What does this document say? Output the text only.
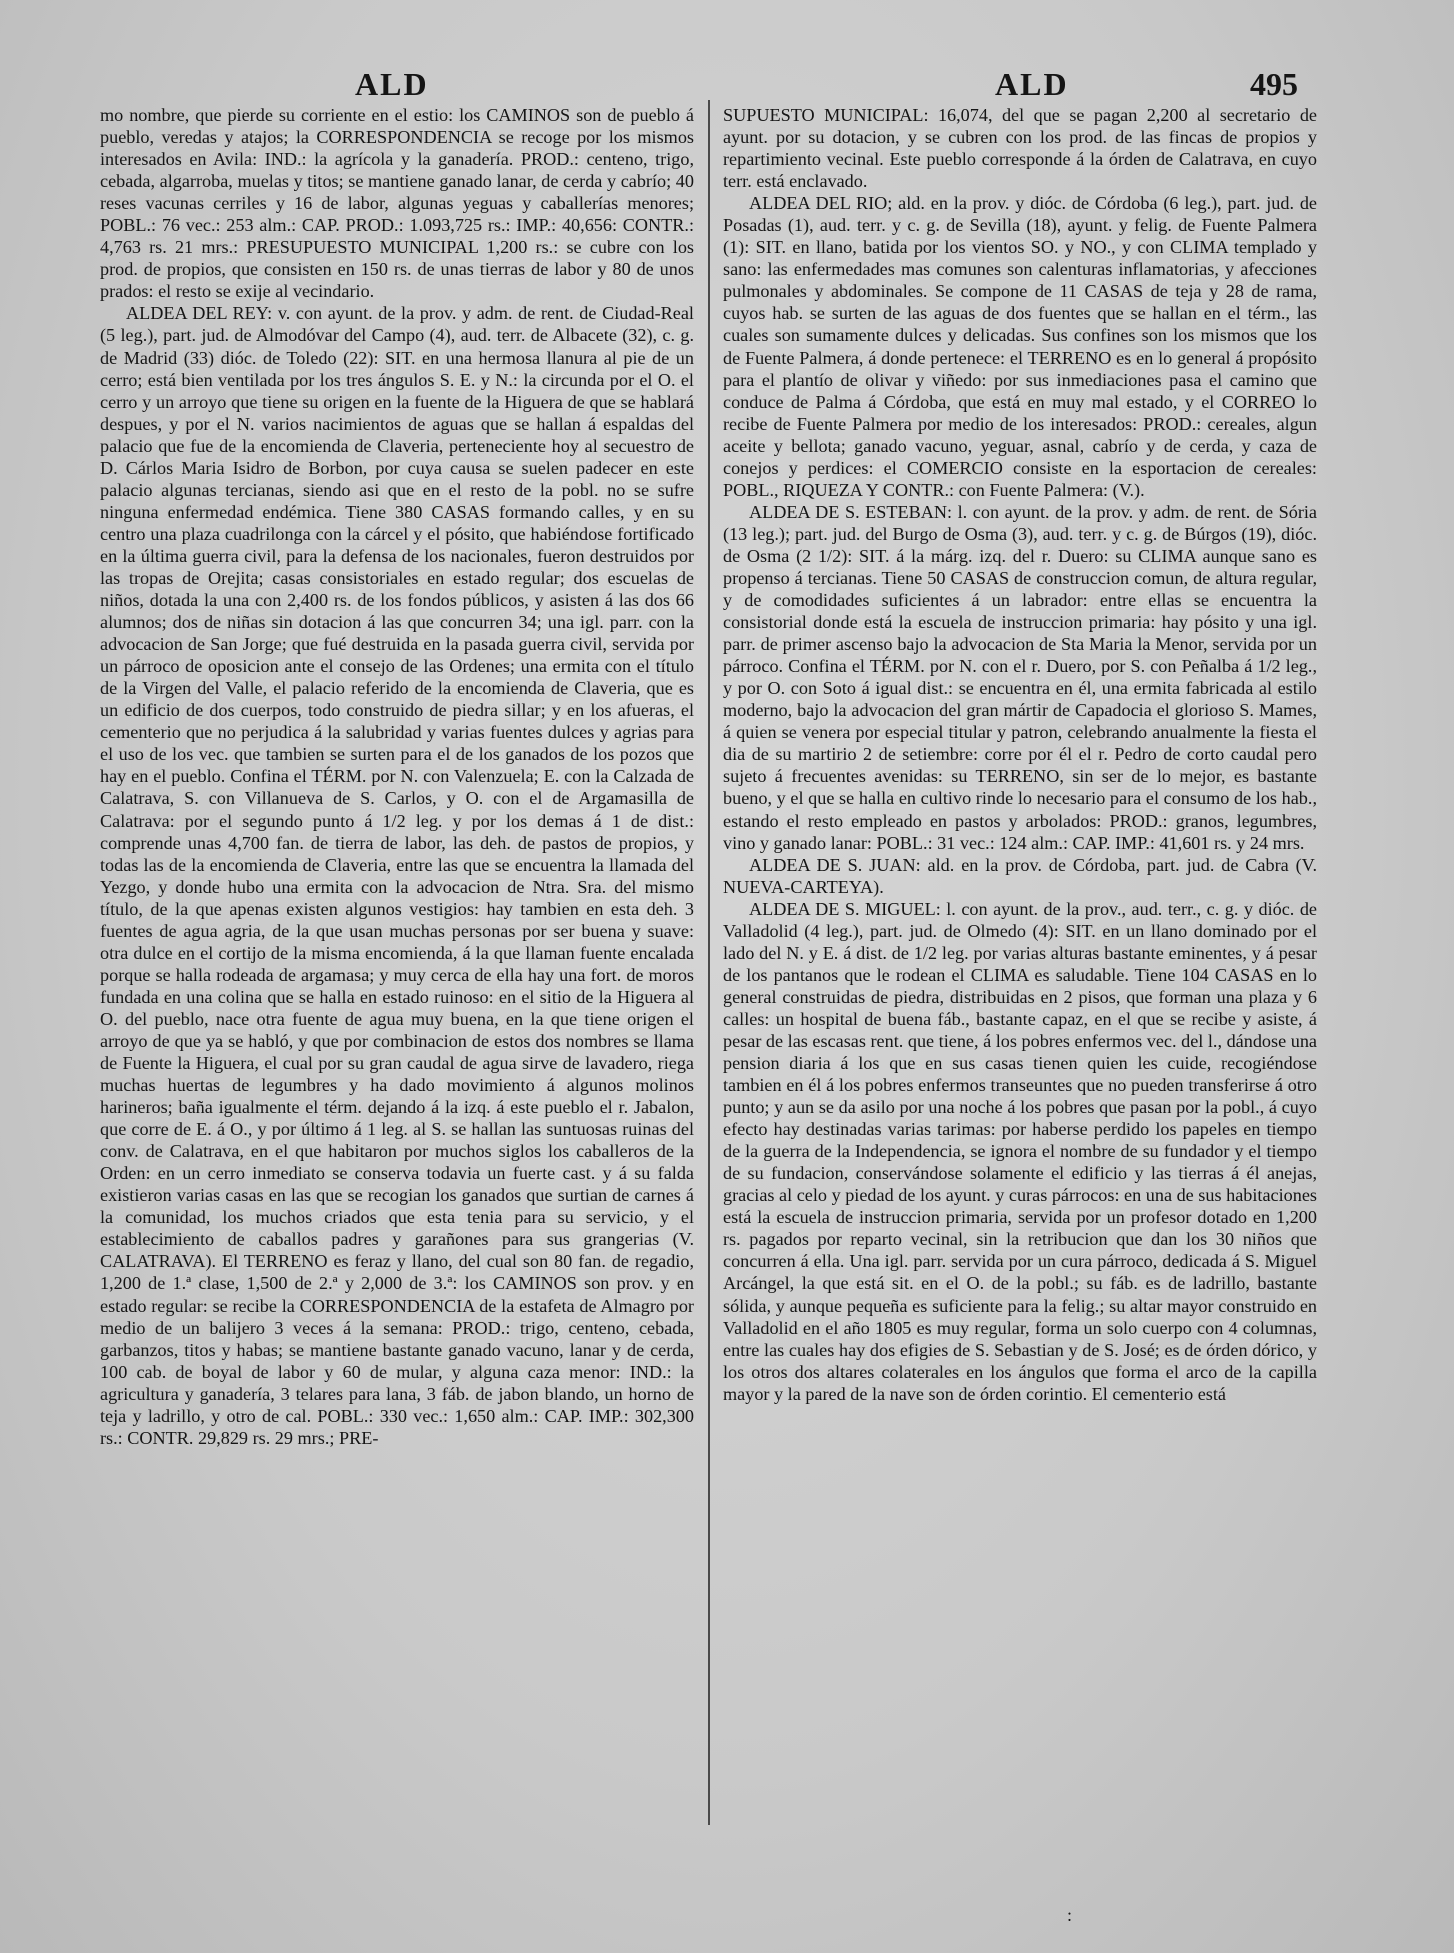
ALD	ALD	495

mo nombre, que pierde su corriente en el estio: los CAMINOS son de pueblo á pueblo, veredas y atajos; la CORRESPONDENCIA se recoge por los mismos interesados en Avila: IND.: la agrícola y la ganadería. PROD.: centeno, trigo, cebada, algarroba, muelas y titos; se mantiene ganado lanar, de cerda y cabrío; 40 reses vacunas cerriles y 16 de labor, algunas yeguas y caballerías menores; POBL.: 76 vec.: 253 alm.: CAP. PROD.: 1.093,725 rs.: IMP.: 40,656: CONTR.: 4,763 rs. 21 mrs.: PRESUPUESTO MUNICIPAL 1,200 rs.: se cubre con los prod. de propios, que consisten en 150 rs. de unas tierras de labor y 80 de unos prados: el resto se exije al vecindario.

ALDEA DEL REY: v. con ayunt. de la prov. y adm. de rent. de Ciudad-Real (5 leg.), part. jud. de Almodóvar del Campo (4), aud. terr. de Albacete (32), c. g. de Madrid (33) dióc. de Toledo (22): SIT. en una hermosa llanura al pie de un cerro; está bien ventilada por los tres ángulos S. E. y N.: la circunda por el O. el cerro y un arroyo que tiene su origen en la fuente de la Higuera de que se hablará despues, y por el N. varios nacimientos de aguas que se hallan á espaldas del palacio que fue de la encomienda de Claveria, perteneciente hoy al secuestro de D. Cárlos Maria Isidro de Borbon, por cuya causa se suelen padecer en este palacio algunas tercianas, siendo asi que en el resto de la pobl. no se sufre ninguna enfermedad endémica. Tiene 380 CASAS formando calles, y en su centro una plaza cuadrilonga con la cárcel y el pósito, que habiéndose fortificado en la última guerra civil, para la defensa de los nacionales, fueron destruidos por las tropas de Orejita; casas consistoriales en estado regular; dos escuelas de niños, dotada la una con 2,400 rs. de los fondos públicos, y asisten á las dos 66 alumnos; dos de niñas sin dotacion á las que concurren 34; una igl. parr. con la advocacion de San Jorge; que fué destruida en la pasada guerra civil, servida por un párroco de oposicion ante el consejo de las Ordenes; una ermita con el título de la Virgen del Valle, el palacio referido de la encomienda de Claveria, que es un edificio de dos cuerpos, todo construido de piedra sillar; y en los afueras, el cementerio que no perjudica á la salubridad y varias fuentes dulces y agrias para el uso de los vec. que tambien se surten para el de los ganados de los pozos que hay en el pueblo. Confina el TÉRM. por N. con Valenzuela; E. con la Calzada de Calatrava, S. con Villanueva de S. Carlos, y O. con el de Argamasilla de Calatrava: por el segundo punto á 1/2 leg. y por los demas á 1 de dist.: comprende unas 4,700 fan. de tierra de labor, las deh. de pastos de propios, y todas las de la encomienda de Claveria, entre las que se encuentra la llamada del Yezgo, y donde hubo una ermita con la advocacion de Ntra. Sra. del mismo título, de la que apenas existen algunos vestigios: hay tambien en esta deh. 3 fuentes de agua agria, de la que usan muchas personas por ser buena y suave: otra dulce en el cortijo de la misma encomienda, á la que llaman fuente encalada porque se halla rodeada de argamasa; y muy cerca de ella hay una fort. de moros fundada en una colina que se halla en estado ruinoso: en el sitio de la Higuera al O. del pueblo, nace otra fuente de agua muy buena, en la que tiene origen el arroyo de que ya se habló, y que por combinacion de estos dos nombres se llama de Fuente la Higuera, el cual por su gran caudal de agua sirve de lavadero, riega muchas huertas de legumbres y ha dado movimiento á algunos molinos harineros; baña igualmente el térm. dejando á la izq. á este pueblo el r. Jabalon, que corre de E. á O., y por último á 1 leg. al S. se hallan las suntuosas ruinas del conv. de Calatrava, en el que habitaron por muchos siglos los caballeros de la Orden: en un cerro inmediato se conserva todavia un fuerte cast. y á su falda existieron varias casas en las que se recogian los ganados que surtian de carnes á la comunidad, los muchos criados que esta tenia para su servicio, y el establecimiento de caballos padres y garañones para sus grangerias (V. CALATRAVA). El TERRENO es feraz y llano, del cual son 80 fan. de regadio, 1,200 de 1.ª clase, 1,500 de 2.ª y 2,000 de 3.ª: los CAMINOS son prov. y en estado regular: se recibe la CORRESPONDENCIA de la estafeta de Almagro por medio de un balijero 3 veces á la semana: PROD.: trigo, centeno, cebada, garbanzos, titos y habas; se mantiene bastante ganado vacuno, lanar y de cerda, 100 cab. de boyal de labor y 60 de mular, y alguna caza menor: IND.: la agricultura y ganadería, 3 telares para lana, 3 fáb. de jabon blando, un horno de teja y ladrillo, y otro de cal. POBL.: 330 vec.: 1,650 alm.: CAP. IMP.: 302,300 rs.: CONTR. 29,829 rs. 29 mrs.; PRE-

SUPUESTO MUNICIPAL: 16,074, del que se pagan 2,200 al secretario de ayunt. por su dotacion, y se cubren con los prod. de las fincas de propios y repartimiento vecinal. Este pueblo corresponde á la órden de Calatrava, en cuyo terr. está enclavado.

ALDEA DEL RIO; ald. en la prov. y dióc. de Córdoba (6 leg.), part. jud. de Posadas (1), aud. terr. y c. g. de Sevilla (18), ayunt. y felig. de Fuente Palmera (1): SIT. en llano, batida por los vientos SO. y NO., y con CLIMA templado y sano: las enfermedades mas comunes son calenturas inflamatorias, y afecciones pulmonales y abdominales. Se compone de 11 CASAS de teja y 28 de rama, cuyos hab. se surten de las aguas de dos fuentes que se hallan en el térm., las cuales son sumamente dulces y delicadas. Sus confines son los mismos que los de Fuente Palmera, á donde pertenece: el TERRENO es en lo general á propósito para el plantío de olivar y viñedo: por sus inmediaciones pasa el camino que conduce de Palma á Córdoba, que está en muy mal estado, y el CORREO lo recibe de Fuente Palmera por medio de los interesados: PROD.: cereales, algun aceite y bellota; ganado vacuno, yeguar, asnal, cabrío y de cerda, y caza de conejos y perdices: el COMERCIO consiste en la esportacion de cereales: POBL., RIQUEZA Y CONTR.: con Fuente Palmera: (V.).

ALDEA DE S. ESTEBAN: l. con ayunt. de la prov. y adm. de rent. de Sória (13 leg.); part. jud. del Burgo de Osma (3), aud. terr. y c. g. de Búrgos (19), dióc. de Osma (2 1/2): SIT. á la márg. izq. del r. Duero: su CLIMA aunque sano es propenso á tercianas. Tiene 50 CASAS de construccion comun, de altura regular, y de comodidades suficientes á un labrador: entre ellas se encuentra la consistorial donde está la escuela de instruccion primaria: hay pósito y una igl. parr. de primer ascenso bajo la advocacion de Sta Maria la Menor, servida por un párroco. Confina el TÉRM. por N. con el r. Duero, por S. con Peñalba á 1/2 leg., y por O. con Soto á igual dist.: se encuentra en él, una ermita fabricada al estilo moderno, bajo la advocacion del gran mártir de Capadocia el glorioso S. Mames, á quien se venera por especial titular y patron, celebrando anualmente la fiesta el dia de su martirio 2 de setiembre: corre por él el r. Pedro de corto caudal pero sujeto á frecuentes avenidas: su TERRENO, sin ser de lo mejor, es bastante bueno, y el que se halla en cultivo rinde lo necesario para el consumo de los hab., estando el resto empleado en pastos y arbolados: PROD.: granos, legumbres, vino y ganado lanar: POBL.: 31 vec.: 124 alm.: CAP. IMP.: 41,601 rs. y 24 mrs.

ALDEA DE S. JUAN: ald. en la prov. de Córdoba, part. jud. de Cabra (V. NUEVA-CARTEYA).

ALDEA DE S. MIGUEL: l. con ayunt. de la prov., aud. terr., c. g. y dióc. de Valladolid (4 leg.), part. jud. de Olmedo (4): SIT. en un llano dominado por el lado del N. y E. á dist. de 1/2 leg. por varias alturas bastante eminentes, y á pesar de los pantanos que le rodean el CLIMA es saludable. Tiene 104 CASAS en lo general construidas de piedra, distribuidas en 2 pisos, que forman una plaza y 6 calles: un hospital de buena fáb., bastante capaz, en el que se recibe y asiste, á pesar de las escasas rent. que tiene, á los pobres enfermos vec. del l., dándose una pension diaria á los que en sus casas tienen quien les cuide, recogiéndose tambien en él á los pobres enfermos transeuntes que no pueden transferirse á otro punto; y aun se da asilo por una noche á los pobres que pasan por la pobl., á cuyo efecto hay destinadas varias tarimas: por haberse perdido los papeles en tiempo de la guerra de la Independencia, se ignora el nombre de su fundador y el tiempo de su fundacion, conservándose solamente el edificio y las tierras á él anejas, gracias al celo y piedad de los ayunt. y curas párrocos: en una de sus habitaciones está la escuela de instruccion primaria, servida por un profesor dotado en 1,200 rs. pagados por reparto vecinal, sin la retribucion que dan los 30 niños que concurren á ella. Una igl. parr. servida por un cura párroco, dedicada á S. Miguel Arcángel, la que está sit. en el O. de la pobl.; su fáb. es de ladrillo, bastante sólida, y aunque pequeña es suficiente para la felig.; su altar mayor construido en Valladolid en el año 1805 es muy regular, forma un solo cuerpo con 4 columnas, entre las cuales hay dos efigies de S. Sebastian y de S. José; es de órden dórico, y los otros dos altares colaterales en los ángulos que forma el arco de la capilla mayor y la pared de la nave son de órden corintio. El cementerio está

:
